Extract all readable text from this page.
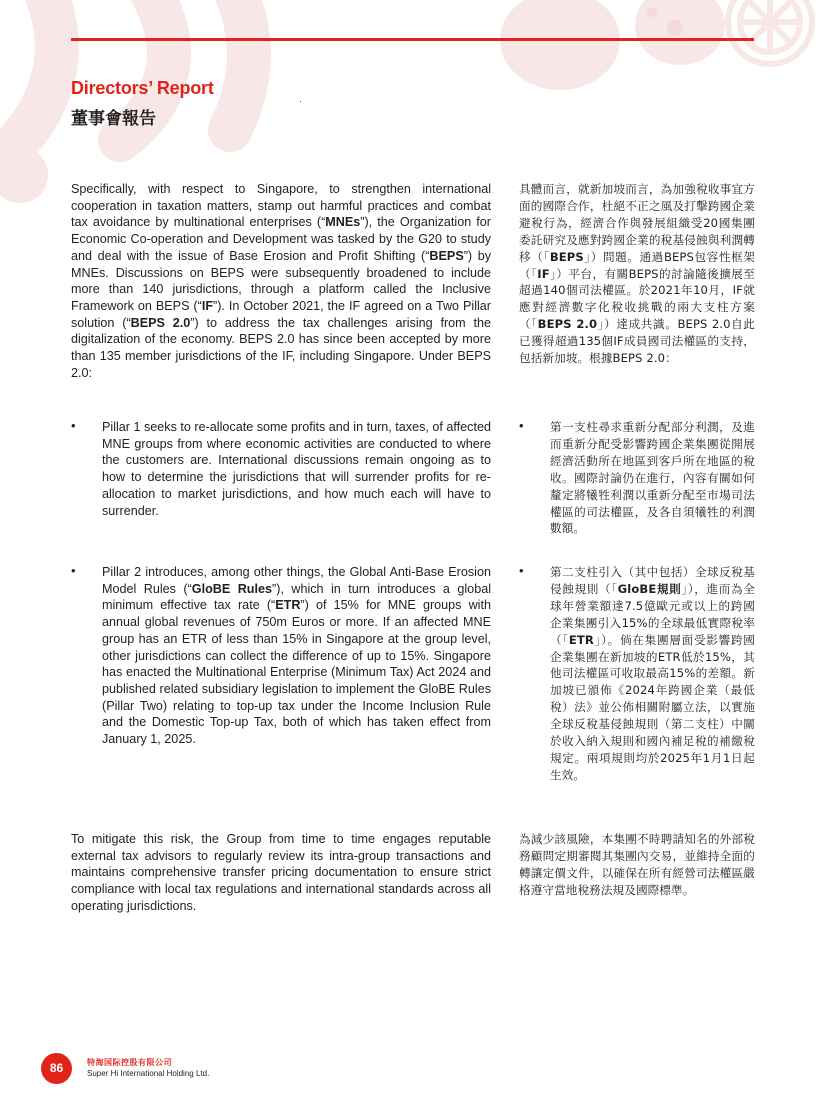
Directors’ Report
董事會報告

Specifically, with respect to Singapore, to strengthen international cooperation in taxation matters, stamp out harmful practices and combat tax avoidance by multinational enterprises (“MNEs”), the Organization for Economic Co-operation and Development was tasked by the G20 to study and deal with the issue of Base Erosion and Profit Shifting (“BEPS”) by MNEs. Discussions on BEPS were subsequently broadened to include more than 140 jurisdictions, through a platform called the Inclusive Framework on BEPS (“IF”). In October 2021, the IF agreed on a Two Pillar solution (“BEPS 2.0”) to address the tax challenges arising from the digitalization of the economy. BEPS 2.0 has since been accepted by more than 135 member jurisdictions of the IF, including Singapore. Under BEPS 2.0:

• Pillar 1 seeks to re-allocate some profits and in turn, taxes, of affected MNE groups from where economic activities are conducted to where the customers are. International discussions remain ongoing as to how to determine the jurisdictions that will surrender profits for re-allocation to market jurisdictions, and how much each will have to surrender.

• Pillar 2 introduces, among other things, the Global Anti-Base Erosion Model Rules (“GloBE Rules”), which in turn introduces a global minimum effective tax rate (“ETR”) of 15% for MNE groups with annual global revenues of 750m Euros or more. If an affected MNE group has an ETR of less than 15% in Singapore at the group level, other jurisdictions can collect the difference of up to 15%. Singapore has enacted the Multinational Enterprise (Minimum Tax) Act 2024 and published related subsidiary legislation to implement the GloBE Rules (Pillar Two) relating to top-up tax under the Income Inclusion Rule and the Domestic Top-up Tax, both of which has taken effect from January 1, 2025.

To mitigate this risk, the Group from time to time engages reputable external tax advisors to regularly review its intra-group transactions and maintains comprehensive transfer pricing documentation to ensure strict compliance with local tax regulations and international standards across all operating jurisdictions.

具體而言，就新加坡而言，為加強稅收事宜方面的國際合作，杜絕不正之風及打擊跨國企業避稅行為，經濟合作與發展組織受20國集團委託研究及應對跨國企業的稅基侵蝕與利潤轉移（「BEPS」）問題。通過BEPS包容性框架（「IF」）平台，有關BEPS的討論隨後擴展至超過140個司法權區。於2021年10月，IF就應對經濟數字化稅收挑戰的兩大支柱方案（「BEPS 2.0」）達成共識。BEPS 2.0自此已獲得超過135個IF成員國司法權區的支持，包括新加坡。根據BEPS 2.0：

• 第一支柱尋求重新分配部分利潤，及進而重新分配受影響跨國企業集團從開展經濟活動所在地區到客戶所在地區的稅收。國際討論仍在進行，內容有關如何釐定將犧牲利潤以重新分配至市場司法權區的司法權區，及各自須犧牲的利潤數額。

• 第二支柱引入（其中包括）全球反稅基侵蝕規則（「GloBE規則」），進而為全球年營業額達7.5億歐元或以上的跨國企業集團引入15%的全球最低實際稅率（「ETR」）。倘在集團層面受影響跨國企業集團在新加坡的ETR低於15%，其他司法權區可收取最高15%的差額。新加坡已頒佈《2024年跨國企業（最低稅）法》並公佈相關附屬立法，以實施全球反稅基侵蝕規則（第二支柱）中關於收入納入規則和國內補足稅的補繳稅規定。兩項規則均於2025年1月1日起生效。

為減少該風險，本集團不時聘請知名的外部稅務顧問定期審閱其集團內交易，並維持全面的轉讓定價文件，以確保在所有經營司法權區嚴格遵守當地稅務法規及國際標準。

86	特海国际控股有限公司
Super Hi International Holding Ltd.
